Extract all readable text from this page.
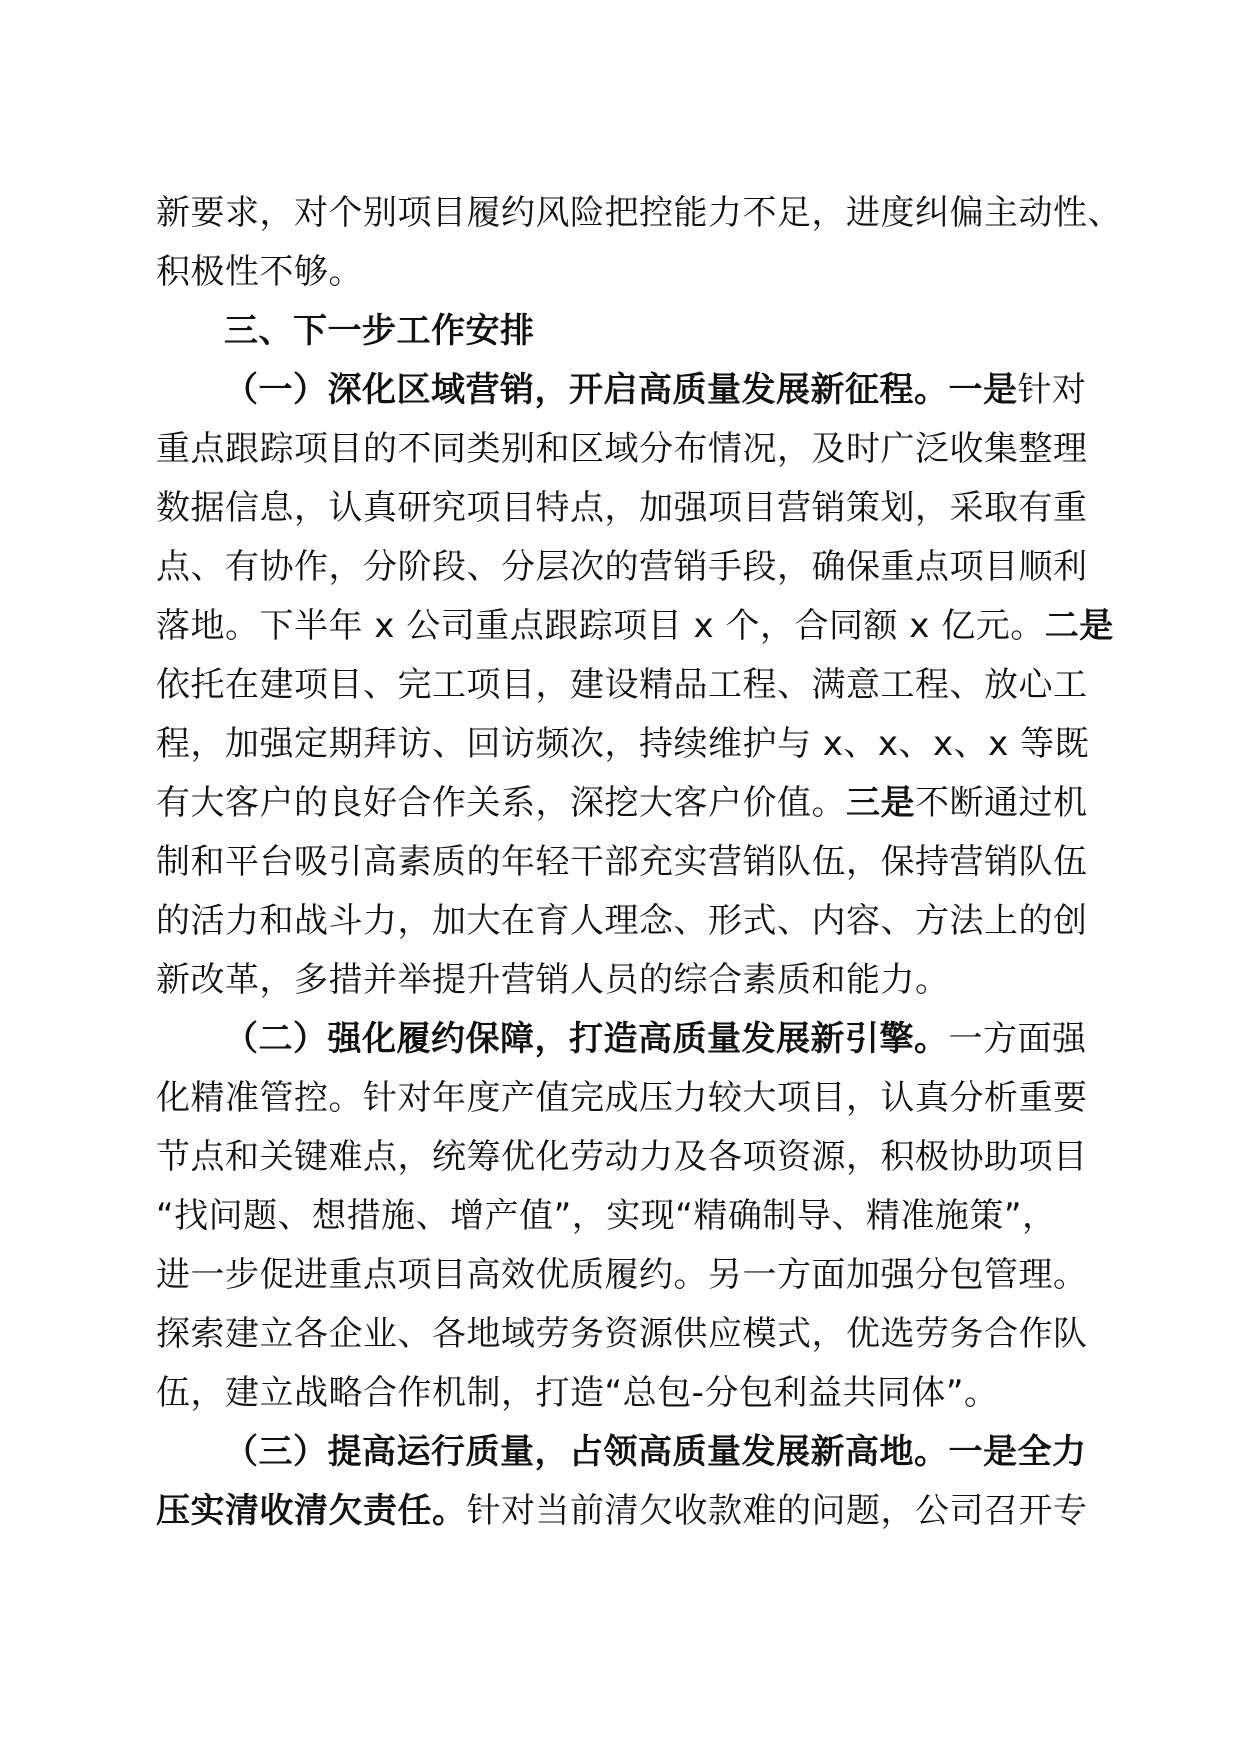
新要求，对个别项目履约风险把控能力不足，进度纠偏主动性、
积极性不够。
三、下一步工作安排
（一）深化区域营销，开启高质量发展新征程。一是针对
重点跟踪项目的不同类别和区域分布情况，及时广泛收集整理
数据信息，认真研究项目特点，加强项目营销策划，采取有重
点、有协作，分阶段、分层次的营销手段，确保重点项目顺利
落地。下半年 x 公司重点跟踪项目 x 个，合同额 x 亿元。二是
依托在建项目、完工项目，建设精品工程、满意工程、放心工
程，加强定期拜访、回访频次，持续维护与 x、x、x、x 等既
有大客户的良好合作关系，深挖大客户价值。三是不断通过机
制和平台吸引高素质的年轻干部充实营销队伍，保持营销队伍
的活力和战斗力，加大在育人理念、形式、内容、方法上的创
新改革，多措并举提升营销人员的综合素质和能力。
（二）强化履约保障，打造高质量发展新引擎。一方面强
化精准管控。针对年度产值完成压力较大项目，认真分析重要
节点和关键难点，统筹优化劳动力及各项资源，积极协助项目
“找问题、想措施、增产值”，实现“精确制导、精准施策”，
进一步促进重点项目高效优质履约。另一方面加强分包管理。
探索建立各企业、各地域劳务资源供应模式，优选劳务合作队
伍，建立战略合作机制，打造“总包-分包利益共同体”。
（三）提高运行质量，占领高质量发展新高地。一是全力
压实清收清欠责任。针对当前清欠收款难的问题，公司召开专
